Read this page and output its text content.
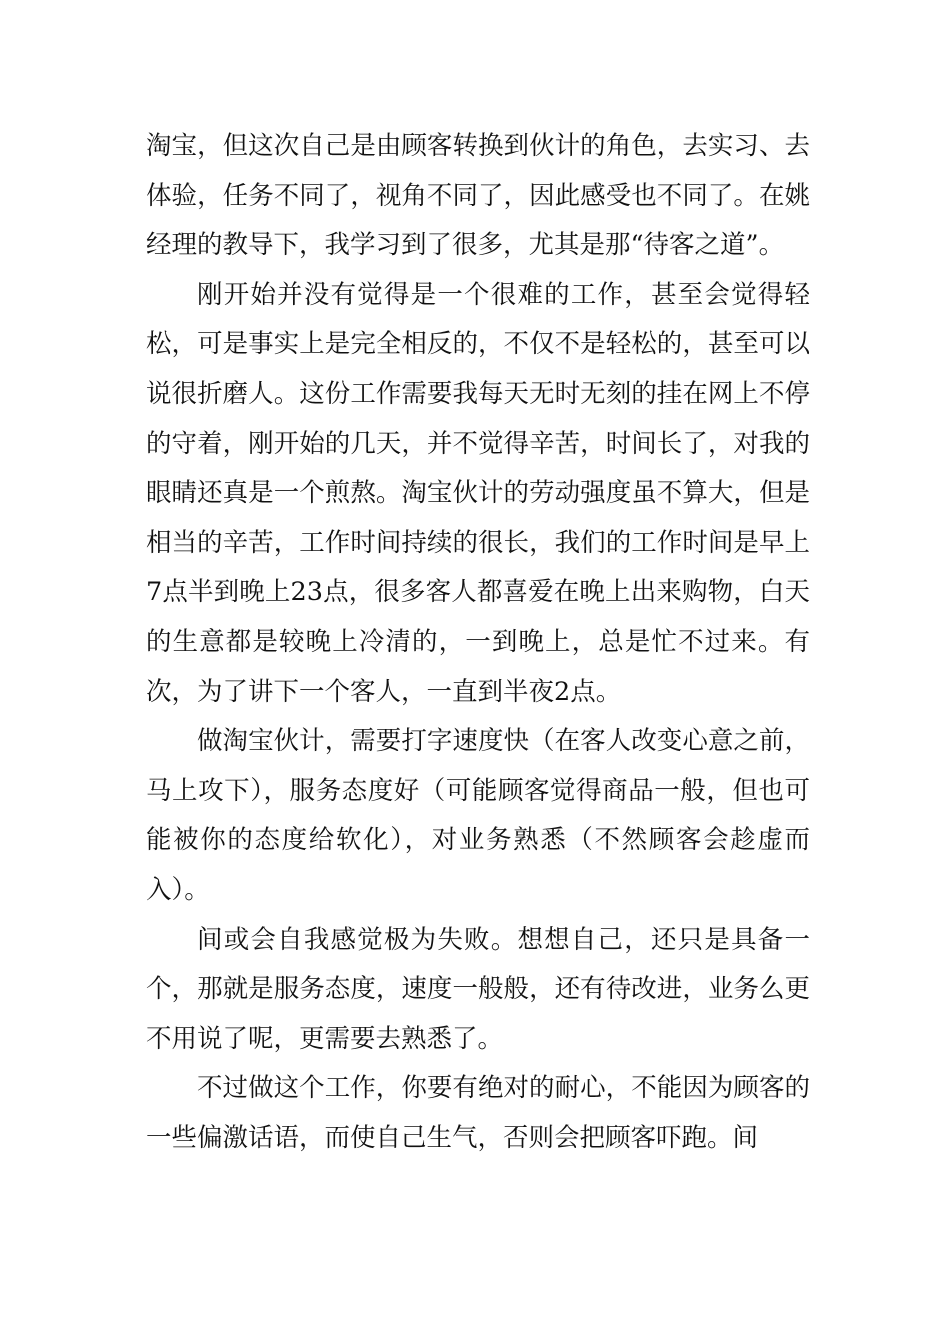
淘宝，但这次自己是由顾客转换到伙计的角色，去实习、去体验，任务不同了，视角不同了，因此感受也不同了。在姚经理的教导下，我学习到了很多，尤其是那“待客之道”。

刚开始并没有觉得是一个很难的工作，甚至会觉得轻松，可是事实上是完全相反的，不仅不是轻松的，甚至可以说很折磨人。这份工作需要我每天无时无刻的挂在网上不停的守着，刚开始的几天，并不觉得辛苦，时间长了，对我的眼睛还真是一个煎熬。淘宝伙计的劳动强度虽不算大，但是相当的辛苦，工作时间持续的很长，我们的工作时间是早上7点半到晚上23点，很多客人都喜爱在晚上出来购物，白天的生意都是较晚上冷清的，一到晚上，总是忙不过来。有次，为了讲下一个客人，一直到半夜2点。

做淘宝伙计，需要打字速度快（在客人改变心意之前，马上攻下），服务态度好（可能顾客觉得商品一般，但也可能被你的态度给软化），对业务熟悉（不然顾客会趁虚而入）。

间或会自我感觉极为失败。想想自己，还只是具备一个，那就是服务态度，速度一般般，还有待改进，业务么更不用说了呢，更需要去熟悉了。

不过做这个工作，你要有绝对的耐心，不能因为顾客的一些偏激话语，而使自己生气，否则会把顾客吓跑。间
